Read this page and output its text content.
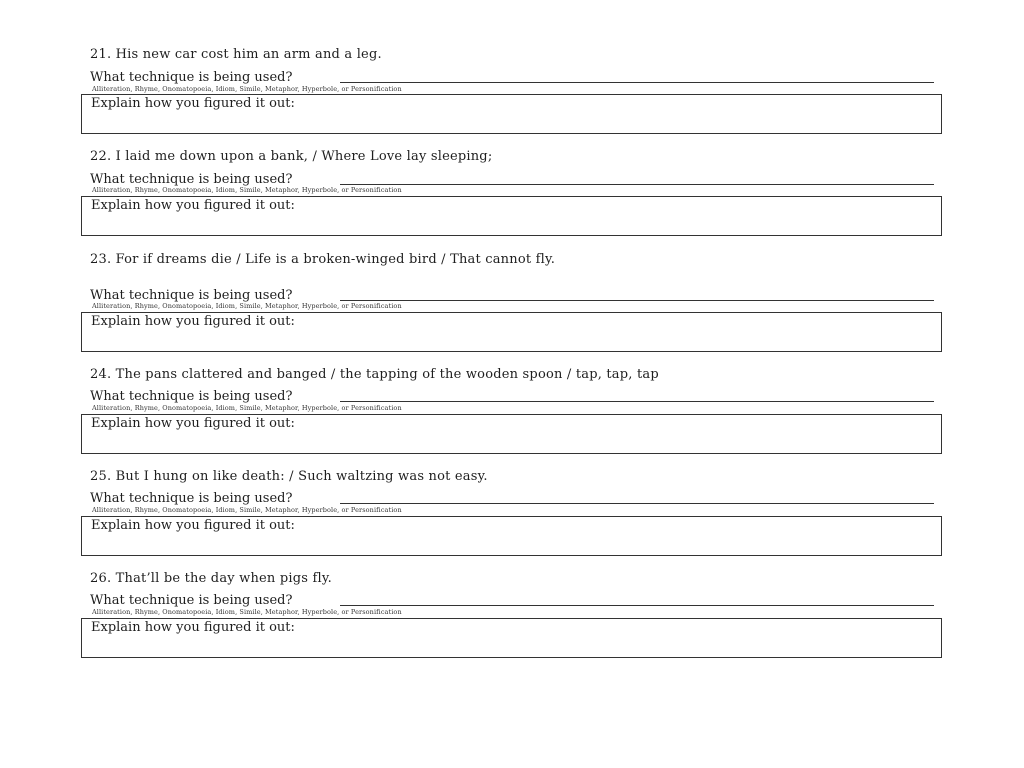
21. His new car cost him an arm and a leg.
What technique is being used?
Alliteration, Rhyme, Onomatopoeia, Idiom, Simile, Metaphor, Hyperbole, or Personification
Explain how you figured it out:
22. I laid me down upon a bank, / Where Love lay sleeping;
What technique is being used?
Alliteration, Rhyme, Onomatopoeia, Idiom, Simile, Metaphor, Hyperbole, or Personification
Explain how you figured it out:
23. For if dreams die / Life is a broken-winged bird / That cannot fly.
What technique is being used?
Alliteration, Rhyme, Onomatopoeia, Idiom, Simile, Metaphor, Hyperbole, or Personification
Explain how you figured it out:
24. The pans clattered and banged / the tapping of the wooden spoon / tap, tap, tap
What technique is being used?
Alliteration, Rhyme, Onomatopoeia, Idiom, Simile, Metaphor, Hyperbole, or Personification
Explain how you figured it out:
25. But I hung on like death: / Such waltzing was not easy.
What technique is being used?
Alliteration, Rhyme, Onomatopoeia, Idiom, Simile, Metaphor, Hyperbole, or Personification
Explain how you figured it out:
26. That’ll be the day when pigs fly.
What technique is being used?
Alliteration, Rhyme, Onomatopoeia, Idiom, Simile, Metaphor, Hyperbole, or Personification
Explain how you figured it out:
